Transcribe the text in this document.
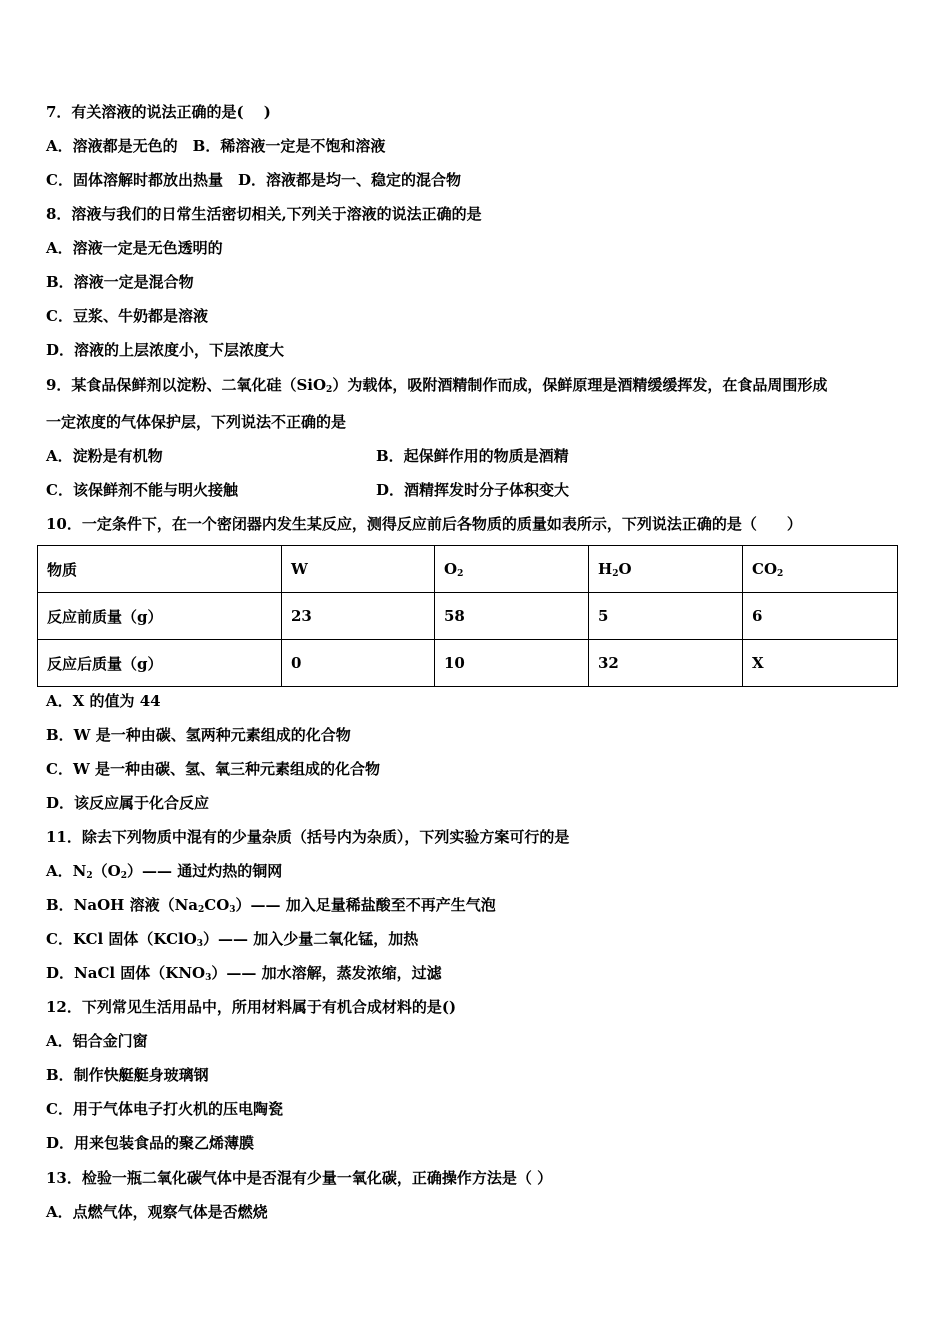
7．有关溶液的说法正确的是(　 )
A．溶液都是无色的　B．稀溶液一定是不饱和溶液
C．固体溶解时都放出热量　D．溶液都是均一、稳定的混合物
8．溶液与我们的日常生活密切相关,下列关于溶液的说法正确的是
A．溶液一定是无色透明的
B．溶液一定是混合物
C．豆浆、牛奶都是溶液
D．溶液的上层浓度小，下层浓度大
9．某食品保鲜剂以淀粉、二氧化硅（SiO$_2$）为载体，吸附酒精制作而成，保鲜原理是酒精缓缓挥发，在食品周围形成
一定浓度的气体保护层，下列说法不正确的是
A．淀粉是有机物	B．起保鲜作用的物质是酒精
C．该保鲜剂不能与明火接触	D．酒精挥发时分子体积变大
10．一定条件下，在一个密闭器内发生某反应，测得反应前后各物质的质量如表所示，下列说法正确的是（　　）
物质	W	$O_2$	$H_2O$	$CO_2$
反应前质量（g）	23	58	5	6
反应后质量（g）	0	10	32	X
A．X 的值为 44
B．W 是一种由碳、氢两种元素组成的化合物
C．W 是一种由碳、氢、氧三种元素组成的化合物
D．该反应属于化合反应
11．除去下列物质中混有的少量杂质（括号内为杂质），下列实验方案可行的是
A．$N_2(O_2)——$ 通过灼热的铜网
B．NaOH 溶液$(Na_2CO_3)——$ 加入足量稀盐酸至不再产生气泡
C．KCl 固体（KClO$_3$）—— 加入少量二氧化锰，加热
D．NaCl 固体$(KNO_3)——$ 加水溶解，蒸发浓缩，过滤
12．下列常见生活用品中，所用材料属于有机合成材料的是()
A．铝合金门窗
B．制作快艇艇身玻璃钢
C．用于气体电子打火机的压电陶瓷
D．用来包装食品的聚乙烯薄膜
13．检验一瓶二氧化碳气体中是否混有少量一氧化碳，正确操作方法是（ ）
A．点燃气体，观察气体是否燃烧
